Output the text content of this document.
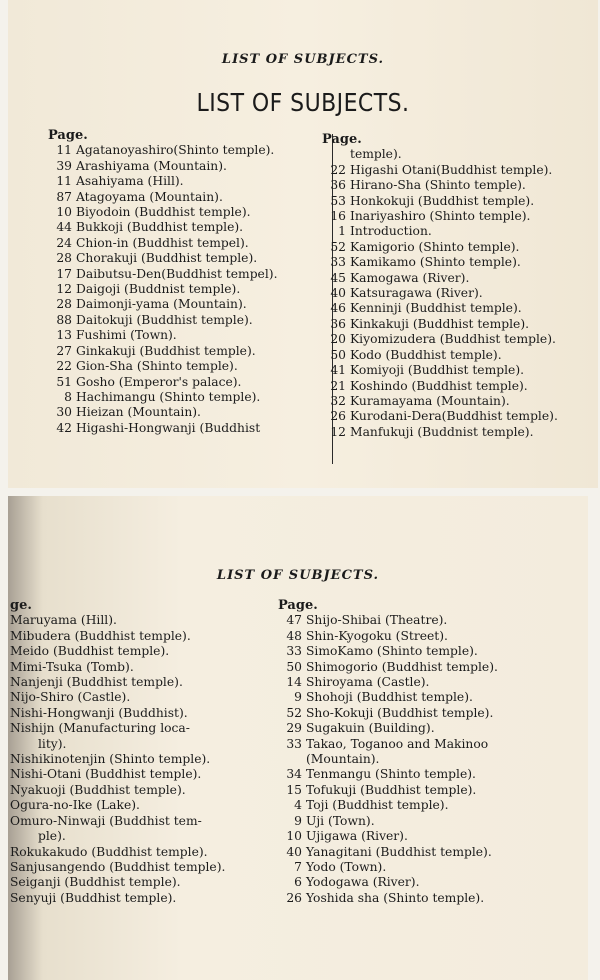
LIST OF SUBJECTS.
LIST OF SUBJECTS.
Page.
11 Agatanoyashiro(Shinto temple).
39 Arashiyama (Mountain).
11 Asahiyama (Hill).
87 Atagoyama (Mountain).
10 Biyodoin (Buddhist temple).
44 Bukkoji (Buddhist temple).
24 Chion-in (Buddhist tempel).
28 Chorakuji (Buddhist temple).
17 Daibutsu-Den(Buddhist tempel).
12 Daigoji (Buddnist temple).
28 Daimonji-yama (Mountain).
88 Daitokuji (Buddhist temple).
13 Fushimi (Town).
27 Ginkakuji (Buddhist temple).
22 Gion-Sha (Shinto temple).
51 Gosho (Emperor's palace).
8 Hachimangu (Shinto temple).
30 Hieizan (Mountain).
42 Higashi-Hongwanji (Buddhist
Page.
temple).
22 Higashi Otani(Buddhist temple).
36 Hirano-Sha (Shinto temple).
53 Honkokuji (Buddhist temple).
16 Inariyashiro (Shinto temple).
1 Introduction.
52 Kamigorio (Shinto temple).
33 Kamikamo (Shinto temple).
45 Kamogawa (River).
40 Katsuragawa (River).
46 Kenninji (Buddhist temple).
36 Kinkakuji (Buddhist temple).
20 Kiyomizudera (Buddhist temple).
50 Kodo (Buddhist temple).
41 Komiyoji (Buddhist temple).
21 Koshindo (Buddhist temple).
32 Kuramayama (Mountain).
26 Kurodani-Dera(Buddhist temple).
12 Manfukuji (Buddnist temple).
LIST OF SUBJECTS.
ge.
Maruyama (Hill).
Mibudera (Buddhist temple).
Meido (Buddhist temple).
Mimi-Tsuka (Tomb).
Nanjenji (Buddhist temple).
Nijo-Shiro (Castle).
Nishi-Hongwanji (Buddhist).
Nishijn (Manufacturing loca-
lity).
Nishikinotenjin (Shinto temple).
Nishi-Otani (Buddhist temple).
Nyakuoji (Buddhist temple).
Ogura-no-Ike (Lake).
Omuro-Ninwaji (Buddhist tem-
ple).
Rokukakudo (Buddhist temple).
Sanjusangendo (Buddhist temple).
Seiganji (Buddhist temple).
Senyuji (Buddhist temple).
Page.
47 Shijo-Shibai (Theatre).
48 Shin-Kyogoku (Street).
33 SimoKamo (Shinto temple).
50 Shimogorio (Buddhist temple).
14 Shiroyama (Castle).
9 Shohoji (Buddhist temple).
52 Sho-Kokuji (Buddhist temple).
29 Sugakuin (Building).
33 Takao, Toganoo and Makinoo
(Mountain).
34 Tenmangu (Shinto temple).
15 Tofukuji (Buddhist temple).
4 Toji (Buddhist temple).
9 Uji (Town).
10 Ujigawa (River).
40 Yanagitani (Buddhist temple).
7 Yodo (Town).
6 Yodogawa (River).
26 Yoshida sha (Shinto temple).
